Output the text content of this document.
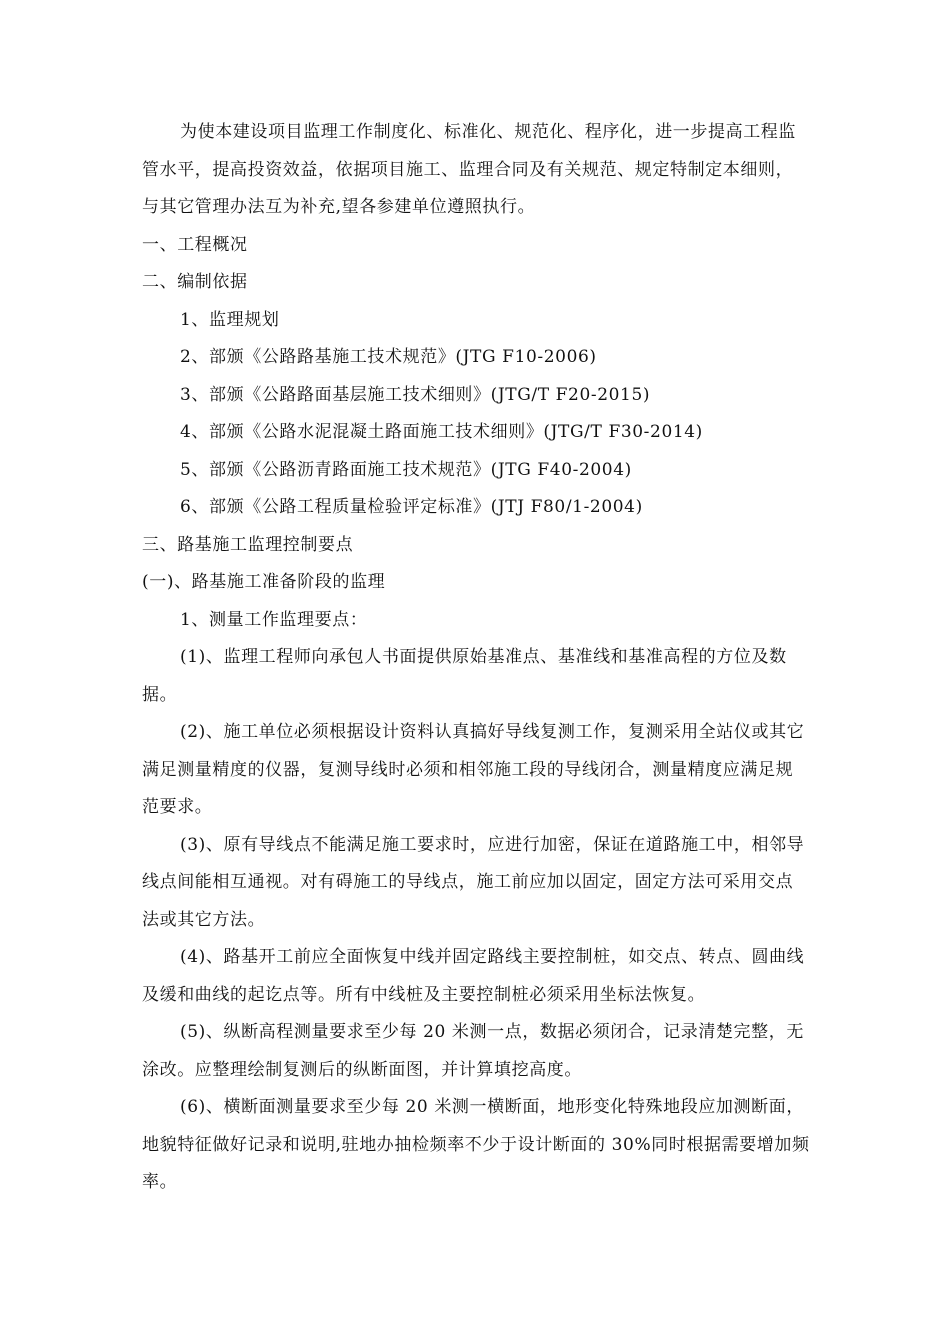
为使本建设项目监理工作制度化、标准化、规范化、程序化，进一步提高工程监管水平，提高投资效益，依据项目施工、监理合同及有关规范、规定特制定本细则，与其它管理办法互为补充,望各参建单位遵照执行。

一、工程概况

二、编制依据

1、监理规划

2、部颁《公路路基施工技术规范》(JTG F10-2006)

3、部颁《公路路面基层施工技术细则》(JTG/T F20-2015)

4、部颁《公路水泥混凝土路面施工技术细则》(JTG/T F30-2014)

5、部颁《公路沥青路面施工技术规范》(JTG F40-2004)

6、部颁《公路工程质量检验评定标准》(JTJ F80/1-2004)

三、路基施工监理控制要点

(一)、路基施工准备阶段的监理

1、测量工作监理要点：

(1)、监理工程师向承包人书面提供原始基准点、基准线和基准高程的方位及数据。

(2)、施工单位必须根据设计资料认真搞好导线复测工作，复测采用全站仪或其它满足测量精度的仪器，复测导线时必须和相邻施工段的导线闭合，测量精度应满足规范要求。

(3)、原有导线点不能满足施工要求时，应进行加密，保证在道路施工中，相邻导线点间能相互通视。对有碍施工的导线点，施工前应加以固定，固定方法可采用交点法或其它方法。

(4)、路基开工前应全面恢复中线并固定路线主要控制桩，如交点、转点、圆曲线及缓和曲线的起讫点等。所有中线桩及主要控制桩必须采用坐标法恢复。

(5)、纵断高程测量要求至少每 20 米测一点，数据必须闭合，记录清楚完整，无涂改。应整理绘制复测后的纵断面图，并计算填挖高度。

(6)、横断面测量要求至少每 20 米测一横断面，地形变化特殊地段应加测断面，地貌特征做好记录和说明,驻地办抽检频率不少于设计断面的 30%同时根据需要增加频率。
